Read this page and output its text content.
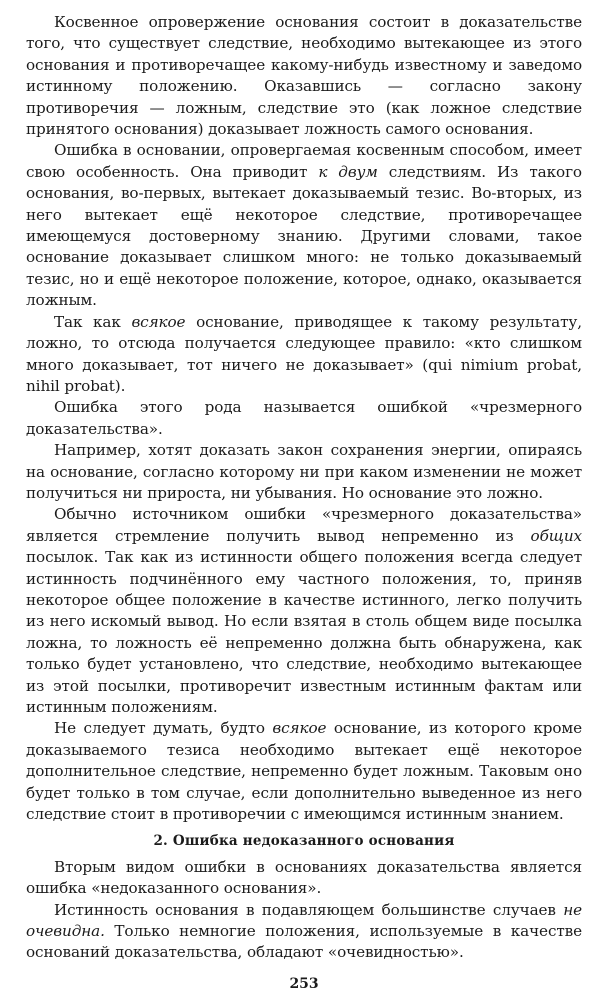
Косвенное опровержение основания состоит в доказательстве того, что существует следствие, необходимо вытекающее из этого основания и противоречащее какому-нибудь известному и заведомо истинному положению. Оказавшись — согласно закону противоречия — ложным, следствие это (как ложное следствие принятого основания) доказывает ложность самого основания.

Ошибка в основании, опровергаемая косвенным способом, имеет свою особенность. Она приводит к двум следствиям. Из такого основания, во-первых, вытекает доказываемый тезис. Во-вторых, из него вытекает ещё некоторое следствие, противоречащее имеющемуся достоверному знанию. Другими словами, такое основание доказывает слишком много: не только доказываемый тезис, но и ещё некоторое положение, которое, однако, оказывается ложным.

Так как всякое основание, приводящее к такому результату, ложно, то отсюда получается следующее правило: «кто слишком много доказывает, тот ничего не доказывает» (qui nimium probat, nihil probat).

Ошибка этого рода называется ошибкой «чрезмерного доказательства».

Например, хотят доказать закон сохранения энергии, опираясь на основание, согласно которому ни при каком изменении не может получиться ни прироста, ни убывания. Но основание это ложно.

Обычно источником ошибки «чрезмерного доказательства» является стремление получить вывод непременно из общих посылок. Так как из истинности общего положения всегда следует истинность подчинённого ему частного положения, то, приняв некоторое общее положение в качестве истинного, легко получить из него искомый вывод. Но если взятая в столь общем виде посылка ложна, то ложность её непременно должна быть обнаружена, как только будет установлено, что следствие, необходимо вытекающее из этой посылки, противоречит известным истинным фактам или истинным положениям.

Не следует думать, будто всякое основание, из которого кроме доказываемого тезиса необходимо вытекает ещё некоторое дополнительное следствие, непременно будет ложным. Таковым оно будет только в том случае, если дополнительно выведенное из него следствие стоит в противоречии с имеющимся истинным знанием.

2. Ошибка недоказанного основания

Вторым видом ошибки в основаниях доказательства является ошибка «недоказанного основания».

Истинность основания в подавляющем большинстве случаев не очевидна. Только немногие положения, используемые в качестве оснований доказательства, обладают «очевидностью».

253
